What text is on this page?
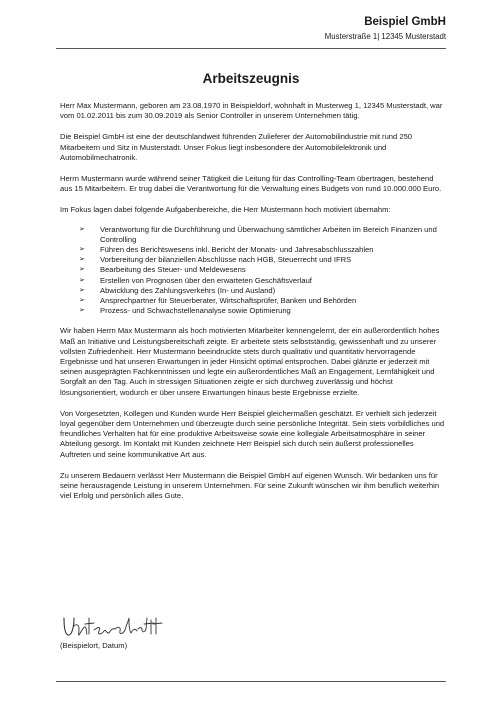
Beispiel GmbH
Musterstraße 1| 12345 Musterstadt
Arbeitszeugnis

Herr Max Mustermann, geboren am 23.08.1970 in Beispieldorf, wohnhaft in Musterweg 1, 12345 Musterstadt, war vom 01.02.2011 bis zum 30.09.2019 als Senior Controller in unserem Unternehmen tätig.

Die Beispiel GmbH ist eine der deutschlandweit führenden Zulieferer der Automobilindustrie mit rund 250 Mitarbeitern und Sitz in Musterstadt. Unser Fokus liegt insbesondere der Automobilelektronik und Automobilmechatronik.

Herrn Mustermann wurde während seiner Tätigkeit die Leitung für das Controlling-Team übertragen, bestehend aus 15 Mitarbeitern. Er trug dabei die Verantwortung für die Verwaltung eines Budgets von rund 10.000.000 Euro.

Im Fokus lagen dabei folgende Aufgabenbereiche, die Herr Mustermann hoch motiviert übernahm:

➢ Verantwortung für die Durchführung und Überwachung sämtlicher Arbeiten im Bereich Finanzen und Controlling
➢ Führen des Berichtswesens inkl. Bericht der Monats- und Jahresabschlusszahlen
➢ Vorbereitung der bilanziellen Abschlüsse nach HGB, Steuerrecht und IFRS
➢ Bearbeitung des Steuer- und Meldewesens
➢ Erstellen von Prognosen über den erwarteten Geschäftsverlauf
➢ Abwicklung des Zahlungsverkehrs (In- und Ausland)
➢ Ansprechpartner für Steuerberater, Wirtschaftsprüfer, Banken und Behörden
➢ Prozess- und Schwachstellenanalyse sowie Optimierung

Wir haben Herrn Max Mustermann als hoch motivierten Mitarbeiter kennengelernt, der ein außerordentlich hohes Maß an Initiative und Leistungsbereitschaft zeigte. Er arbeitete stets selbstständig, gewissenhaft und zu unserer vollsten Zufriedenheit. Herr Mustermann beeindruckte stets durch qualitativ und quantitativ hervorragende Ergebnisse und hat unseren Erwartungen in jeder Hinsicht optimal entsprochen. Dabei glänzte er jederzeit mit seinen ausgeprägten Fachkenntnissen und legte ein außerordentliches Maß an Engagement, Lernfähigkeit und Sorgfalt an den Tag. Auch in stressigen Situationen zeigte er sich durchweg zuverlässig und höchst lösungsorientiert, wodurch er über unsere Erwartungen hinaus beste Ergebnisse erzielte.

Von Vorgesetzten, Kollegen und Kunden wurde Herr Beispiel gleichermaßen geschätzt. Er verhielt sich jederzeit loyal gegenüber dem Unternehmen und überzeugte durch seine persönliche Integrität. Sein stets vorbildliches und freundliches Verhalten hat für eine produktive Arbeitsweise sowie eine kollegiale Arbeitsatmosphäre in seiner Abteilung gesorgt. Im Kontakt mit Kunden zeichnete Herr Beispiel sich durch sein äußerst professionelles Auftreten und seine kommunikative Art aus.

Zu unserem Bedauern verlässt Herr Mustermann die Beispiel GmbH auf eigenen Wunsch. Wir bedanken uns für seine herausragende Leistung in unserem Unternehmen. Für seine Zukunft wünschen wir ihm beruflich weiterhin viel Erfolg und persönlich alles Gute.

(Beispielort, Datum)
